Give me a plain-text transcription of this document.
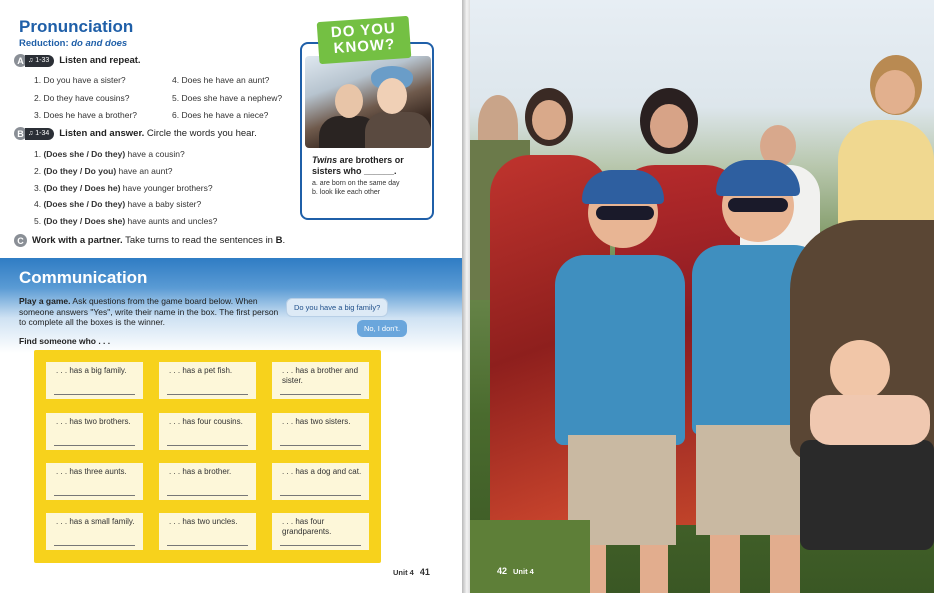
Pronunciation
Reduction: do and does
A ♫ 1-33 Listen and repeat.
1. Do you have a sister?
2. Do they have cousins?
3. Does he have a brother?
4. Does he have an aunt?
5. Does she have a nephew?
6. Does he have a niece?
B ♫ 1-34 Listen and answer. Circle the words you hear.
1. (Does she / Do they) have a cousin?
2. (Do they / Do you) have an aunt?
3. (Do they / Does he) have younger brothers?
4. (Does she / Do they) have a baby sister?
5. (Do they / Does she) have aunts and uncles?
C Work with a partner. Take turns to read the sentences in B.
DO YOU
KNOW?
Twins are brothers or sisters who ______.
a. are born on the same day
b. look like each other
Communication
Play a game. Ask questions from the game board below. When someone answers "Yes", write their name in the box. The first person to complete all the boxes is the winner.
Find someone who . . .
Do you have a big family?
No, I don't.
. . . has a big family.	. . . has a pet fish.	. . . has a brother and sister.
. . . has two brothers.	. . . has four cousins.	. . . has two sisters.
. . . has three aunts.	. . . has a brother.	. . . has a dog and cat.
. . . has a small family.	. . . has two uncles.	. . . has four grandparents.
Unit 4 41	42 Unit 4
